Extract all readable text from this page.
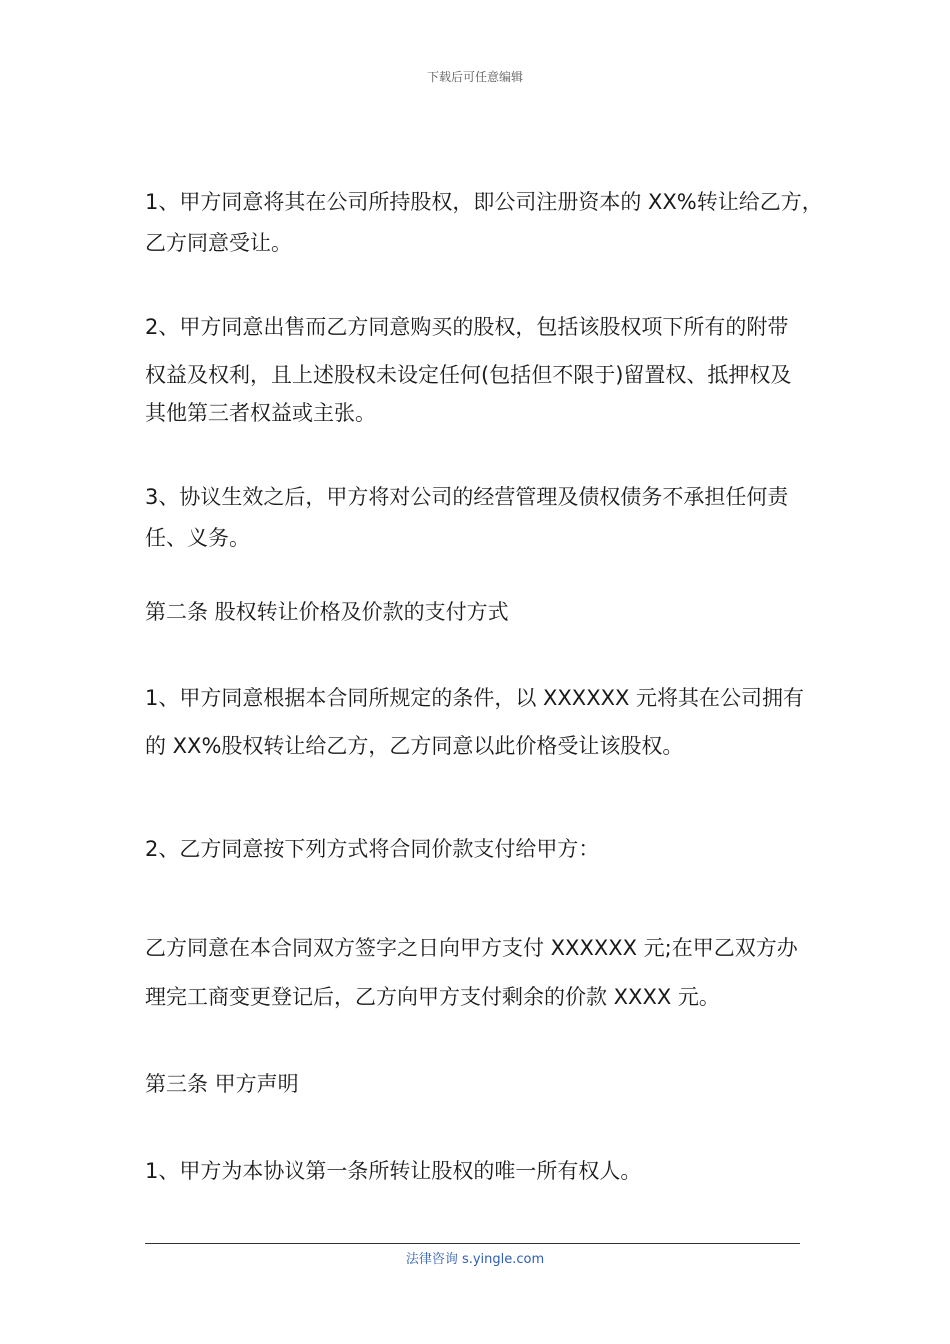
下载后可任意编辑
1、甲方同意将其在公司所持股权，即公司注册资本的 XX%转让给乙方，
乙方同意受让。
2、甲方同意出售而乙方同意购买的股权，包括该股权项下所有的附带
权益及权利，且上述股权未设定任何(包括但不限于)留置权、抵押权及
其他第三者权益或主张。
3、协议生效之后，甲方将对公司的经营管理及债权债务不承担任何责
任、义务。
第二条 股权转让价格及价款的支付方式
1、甲方同意根据本合同所规定的条件，以 XXXXXX 元将其在公司拥有
的 XX%股权转让给乙方，乙方同意以此价格受让该股权。
2、乙方同意按下列方式将合同价款支付给甲方：
乙方同意在本合同双方签字之日向甲方支付 XXXXXX 元;在甲乙双方办
理完工商变更登记后，乙方向甲方支付剩余的价款 XXXX 元。
第三条 甲方声明
1、甲方为本协议第一条所转让股权的唯一所有权人。
法律咨询 s.yingle.com
